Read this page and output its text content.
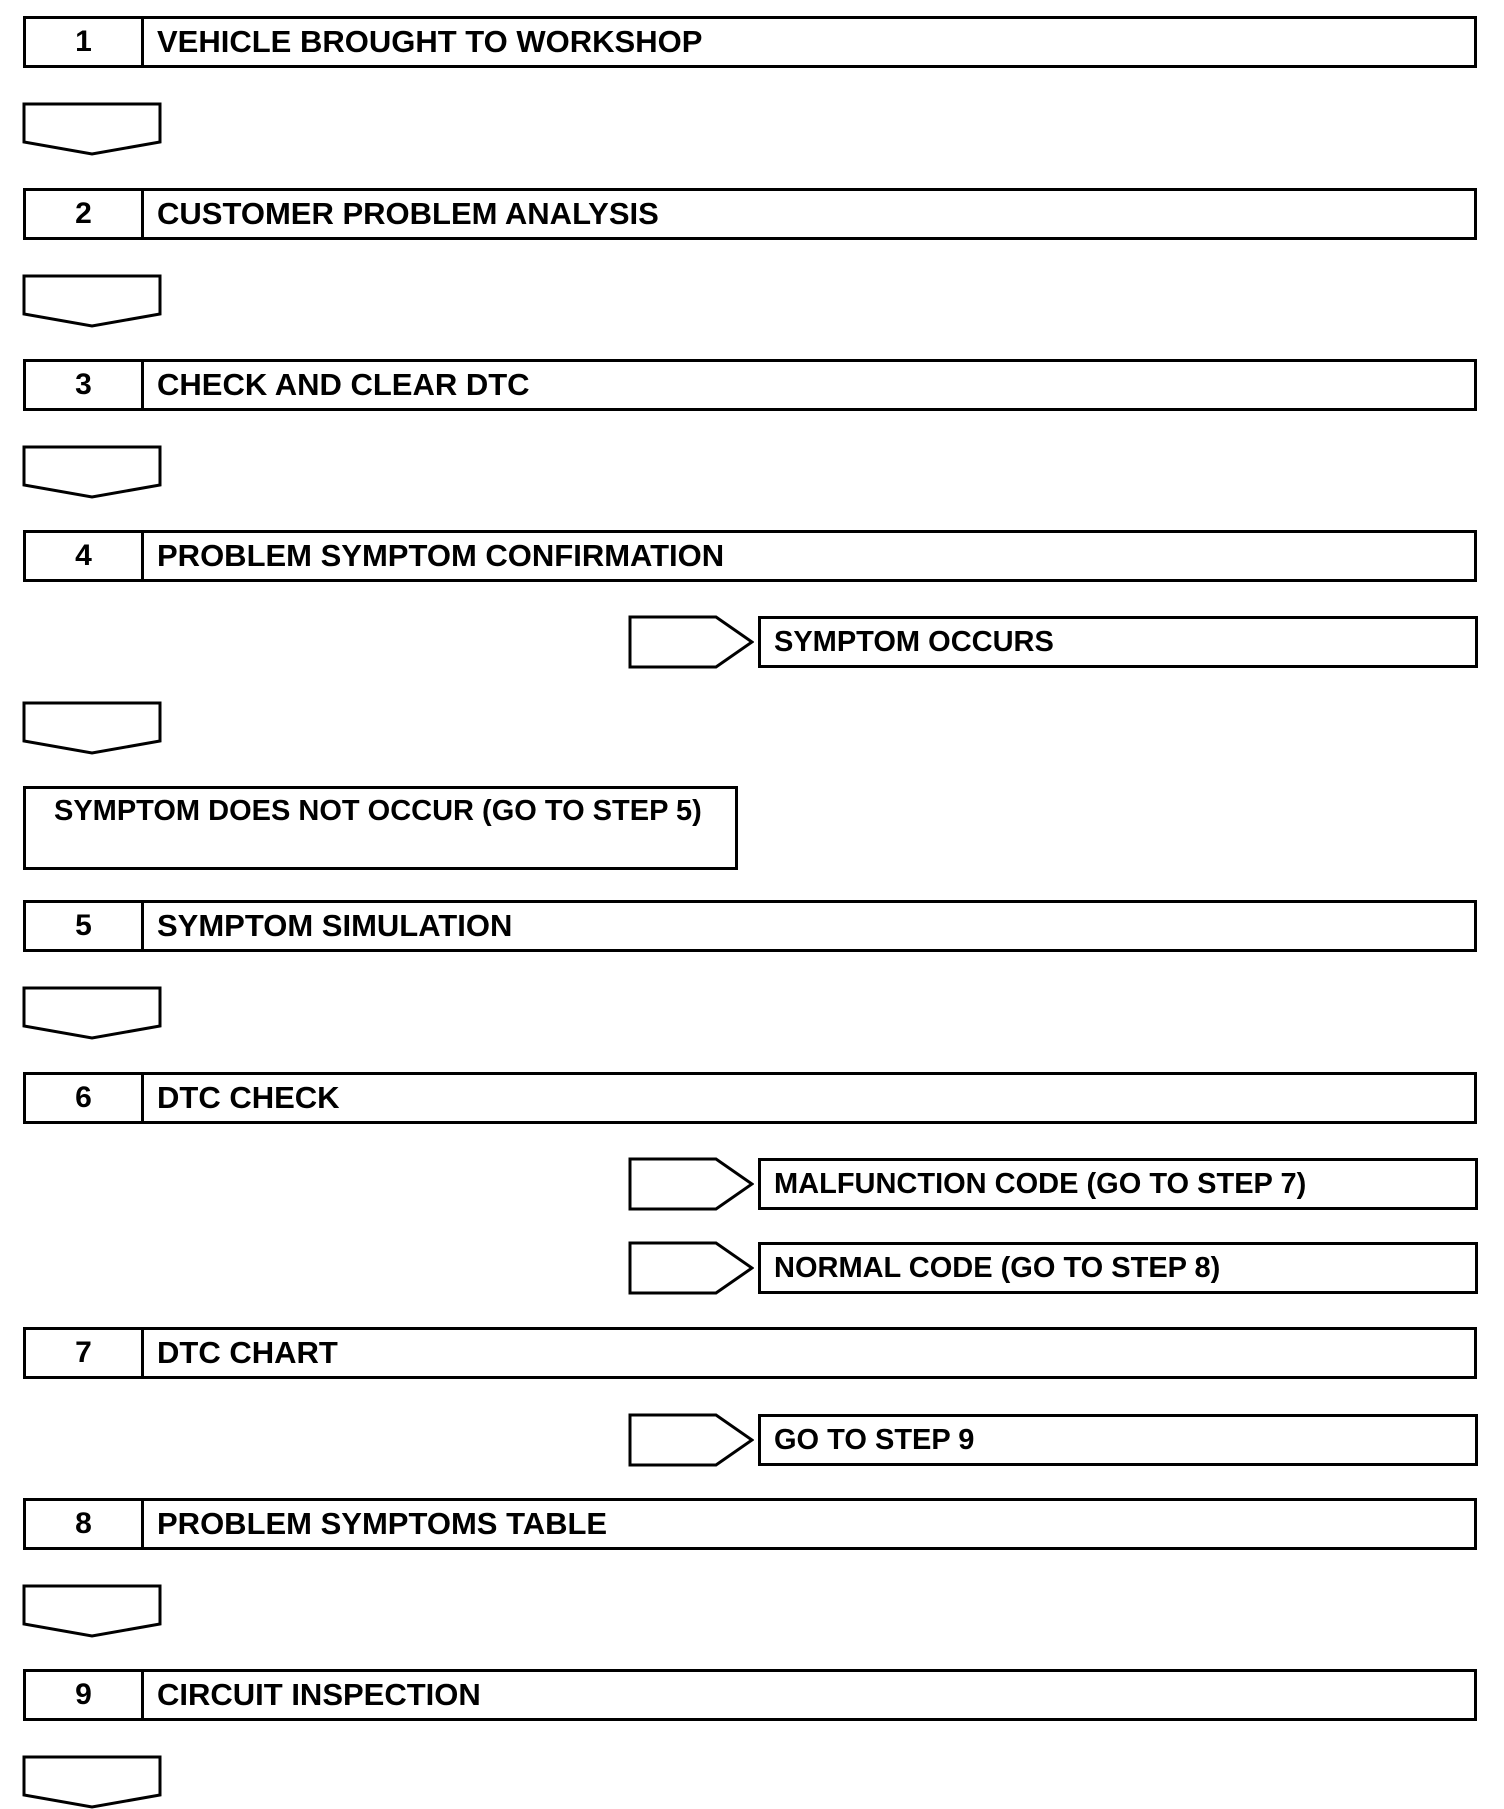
1	VEHICLE BROUGHT TO WORKSHOP
2	CUSTOMER PROBLEM ANALYSIS
3	CHECK AND CLEAR DTC
4	PROBLEM SYMPTOM CONFIRMATION
SYMPTOM OCCURS
SYMPTOM DOES NOT OCCUR (GO TO STEP 5)
5	SYMPTOM SIMULATION
6	DTC CHECK
MALFUNCTION CODE (GO TO STEP 7)
NORMAL CODE (GO TO STEP 8)
7	DTC CHART
GO TO STEP 9
8	PROBLEM SYMPTOMS TABLE
9	CIRCUIT INSPECTION
